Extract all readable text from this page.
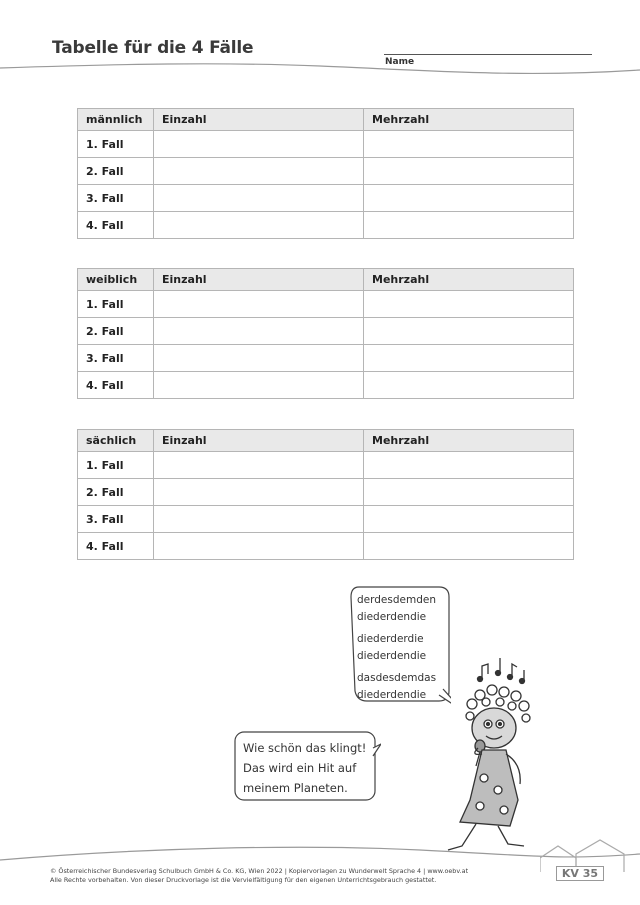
Tabelle für die 4 Fälle
Name
männlich	Einzahl	Mehrzahl
1. Fall		
2. Fall		
3. Fall		
4. Fall		
weiblich	Einzahl	Mehrzahl
1. Fall		
2. Fall		
3. Fall		
4. Fall		
sächlich	Einzahl	Mehrzahl
1. Fall		
2. Fall		
3. Fall		
4. Fall		
derdesdemden
diederdendie
diederderdie
diederdendie
dasdesdemdas
diederdendie
Wie schön das klingt!
Das wird ein Hit auf
meinem Planeten.
© Österreichischer Bundesverlag Schulbuch GmbH & Co. KG, Wien 2022 | Kopiervorlagen zu Wunderwelt Sprache 4 | www.oebv.at
Alle Rechte vorbehalten. Von dieser Druckvorlage ist die Vervielfältigung für den eigenen Unterrichtsgebrauch gestattet.	KV 35
